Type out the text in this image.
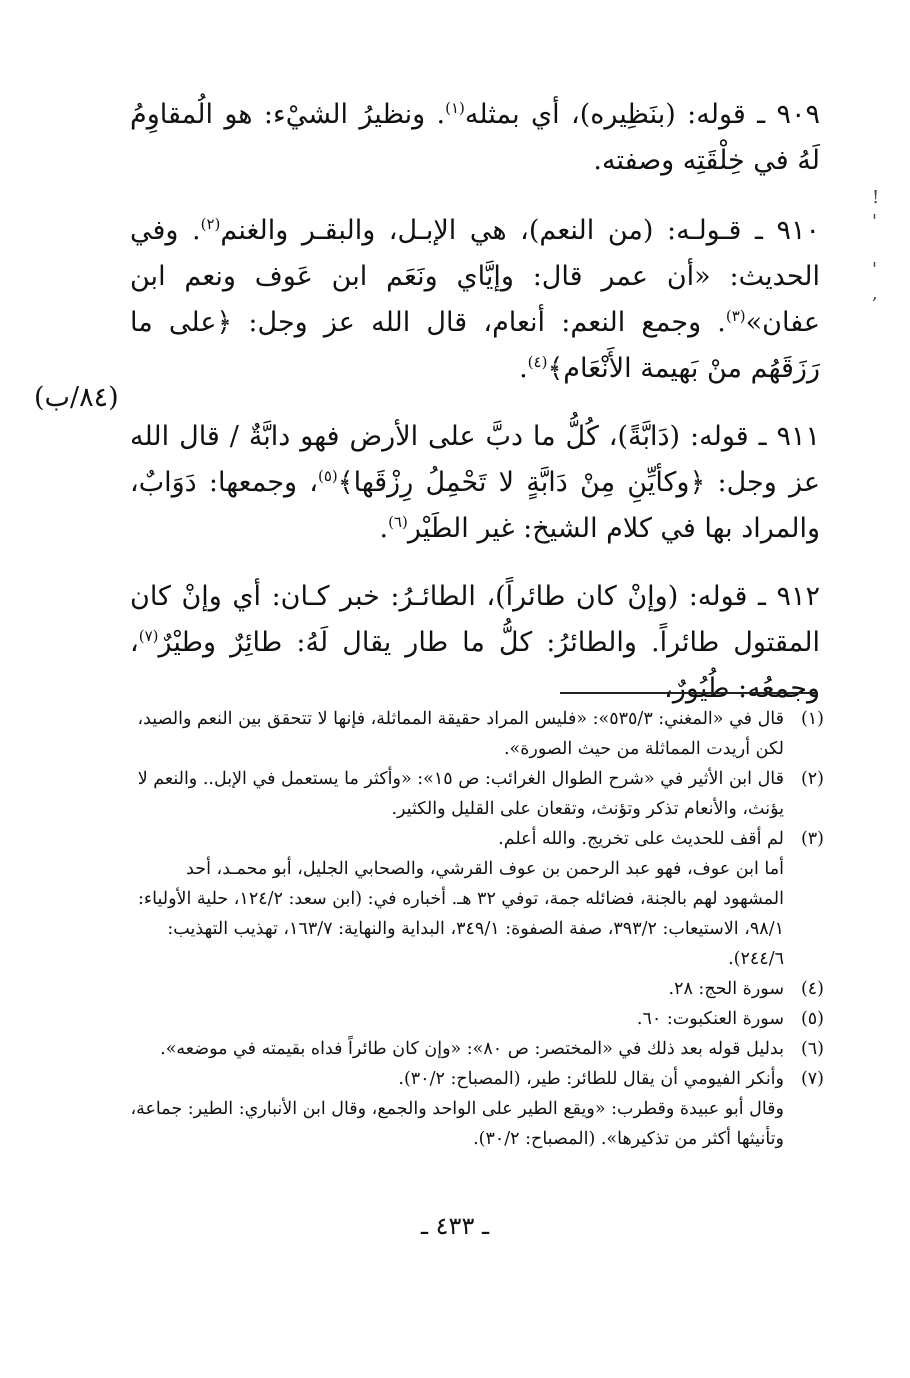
!
'

'
,

٩٠٩ ـ قوله: (بنَظِيره)، أي بمثله$^{(١)}$. ونظيرُ الشيْء: هو الُمقاوِمُ لَهُ في خِلْقَتِه وصفته.

٩١٠ ـ قـولـه: (من النعم)، هي الإبـل، والبقـر والغنم$^{(٢)}$. وفي الحديث: «أن عمر قال: وإيَّاي ونَعَم ابن عَوف ونعم ابن عفان»$^{(٣)}$. وجمع النعم: أنعام، قال الله عز وجل: ﴿على ما رَزَقَهُم منْ بَهيمة الأَنْعَام﴾$^{(٤)}$.

٩١١ ـ قوله: (دَابَّةً)، كُلُّ ما دبَّ على الأرض فهو دابَّةٌ / قال الله عز وجل: ﴿وكأيِّنِ مِنْ دَابَّةٍ لا تَحْمِلُ رِزْقَها﴾$^{(٥)}$، وجمعها: دَوَابٌ، والمراد بها في كلام الشيخ: غير الطَيْر$^{(٦)}$.

٩١٢ ـ قوله: (وإنْ كان طائراً)، الطائـرُ: خبر كـان: أي وإنْ كان المقتول طائراً. والطائرُ: كلُّ ما طار يقال لَهُ: طائِرٌ وطيْرٌ$^{(٧)}$، وجمعُه: طُيُورٌ،

(٨٤/ب)
(١)

قال في «المغني: ٥٣٥/٣»: «فليس المراد حقيقة المماثلة، فإنها لا تتحقق بين النعم والصيد، لكن أريدت المماثلة من حيث الصورة».

(٢)

قال ابن الأثير في «شرح الطوال الغرائب: ص ١٥»: «وأكثر ما يستعمل في الإبل.. والنعم لا يؤنث، والأنعام تذكر وتؤنث، وتقعان على القليل والكثير.

(٣)

لم أقف للحديث على تخريج. والله أعلم.

أما ابن عوف، فهو عبد الرحمن بن عوف القرشي، والصحابي الجليل، أبو محمـد، أحد المشهود لهم بالجنة، فضائله جمة، توفي ٣٢ هـ. أخباره في: (ابن سعد: ١٢٤/٢، حلية الأولياء: ٩٨/١، الاستيعاب: ٣٩٣/٢، صفة الصفوة: ٣٤٩/١، البداية والنهاية: ١٦٣/٧، تهذيب التهذيب: ٢٤٤/٦).

(٤)

سورة الحج: ٢٨.

(٥)

سورة العنكبوت: ٦٠.

(٦)

بدليل قوله بعد ذلك في «المختصر: ص ٨٠»: «وإن كان طائراً فداه بقيمته في موضعه».

(٧)

وأنكر الفيومي أن يقال للطائر: طير، (المصباح: ٣٠/٢).

وقال أبو عبيدة وقطرب: «ويقع الطير على الواحد والجمع، وقال ابن الأنباري: الطير: جماعة، وتأنيثها أكثر من تذكيرها». (المصباح: ٣٠/٢).

ـ ٤٣٣ ـ
